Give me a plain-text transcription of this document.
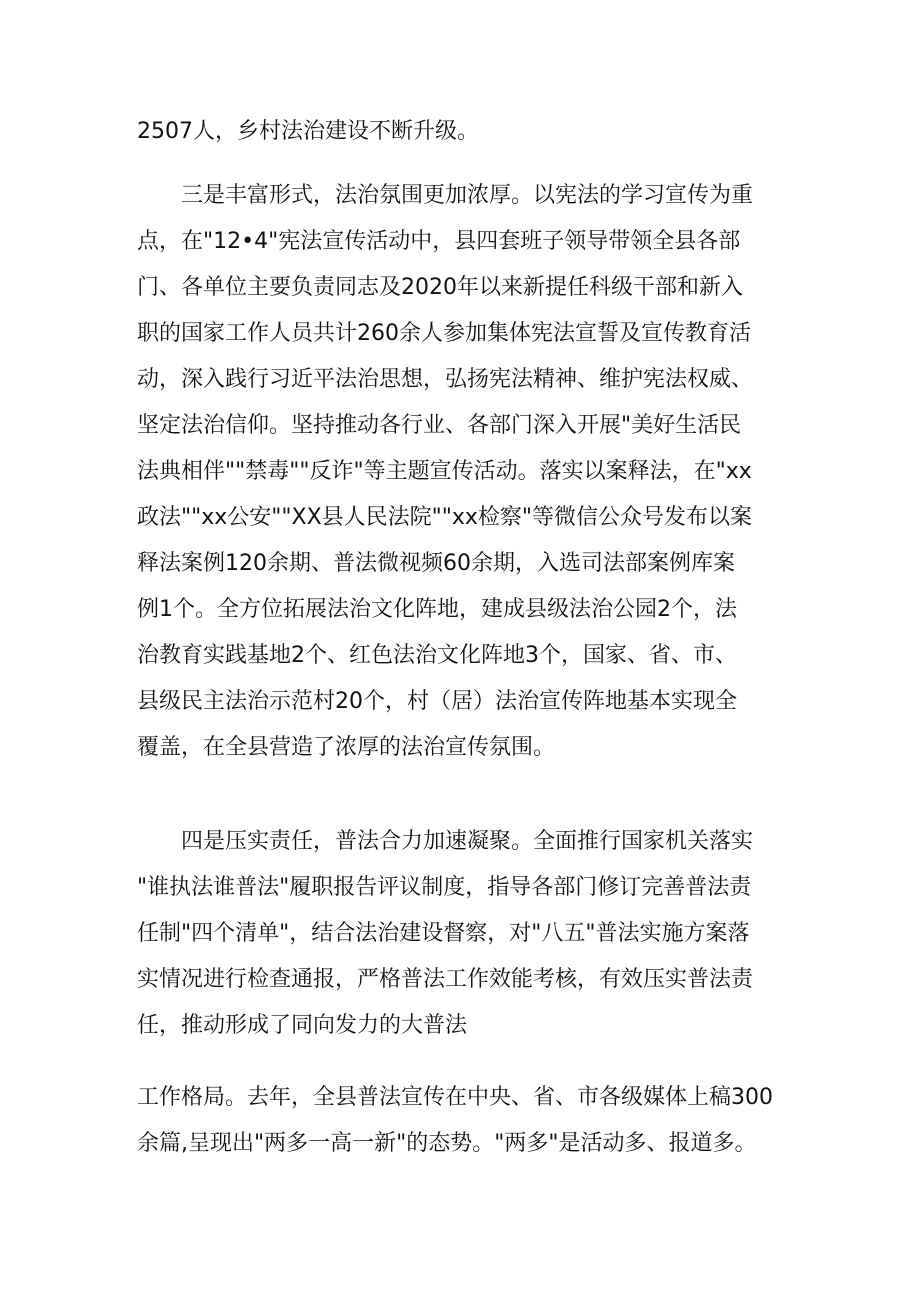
2507人，乡村法治建设不断升级。
三是丰富形式，法治氛围更加浓厚。以宪法的学习宣传为重
点，在"12•4"宪法宣传活动中，县四套班子领导带领全县各部
门、各单位主要负责同志及2020年以来新提任科级干部和新入
职的国家工作人员共计260余人参加集体宪法宣誓及宣传教育活
动，深入践行习近平法治思想，弘扬宪法精神、维护宪法权威、
坚定法治信仰。坚持推动各行业、各部门深入开展"美好生活民
法典相伴""禁毒""反诈"等主题宣传活动。落实以案释法，在"xx
政法""xx公安""XX县人民法院""xx检察"等微信公众号发布以案
释法案例120余期、普法微视频60余期，入选司法部案例库案
例1个。全方位拓展法治文化阵地，建成县级法治公园2个，法
治教育实践基地2个、红色法治文化阵地3个，国家、省、市、
县级民主法治示范村20个，村（居）法治宣传阵地基本实现全
覆盖，在全县营造了浓厚的法治宣传氛围。
四是压实责任，普法合力加速凝聚。全面推行国家机关落实
"谁执法谁普法"履职报告评议制度，指导各部门修订完善普法责
任制"四个清单"，结合法治建设督察，对"八五"普法实施方案落
实情况进行检查通报，严格普法工作效能考核，有效压实普法责
任，推动形成了同向发力的大普法
工作格局。去年，全县普法宣传在中央、省、市各级媒体上稿300
余篇,呈现出"两多一高一新"的态势。"两多"是活动多、报道多。
